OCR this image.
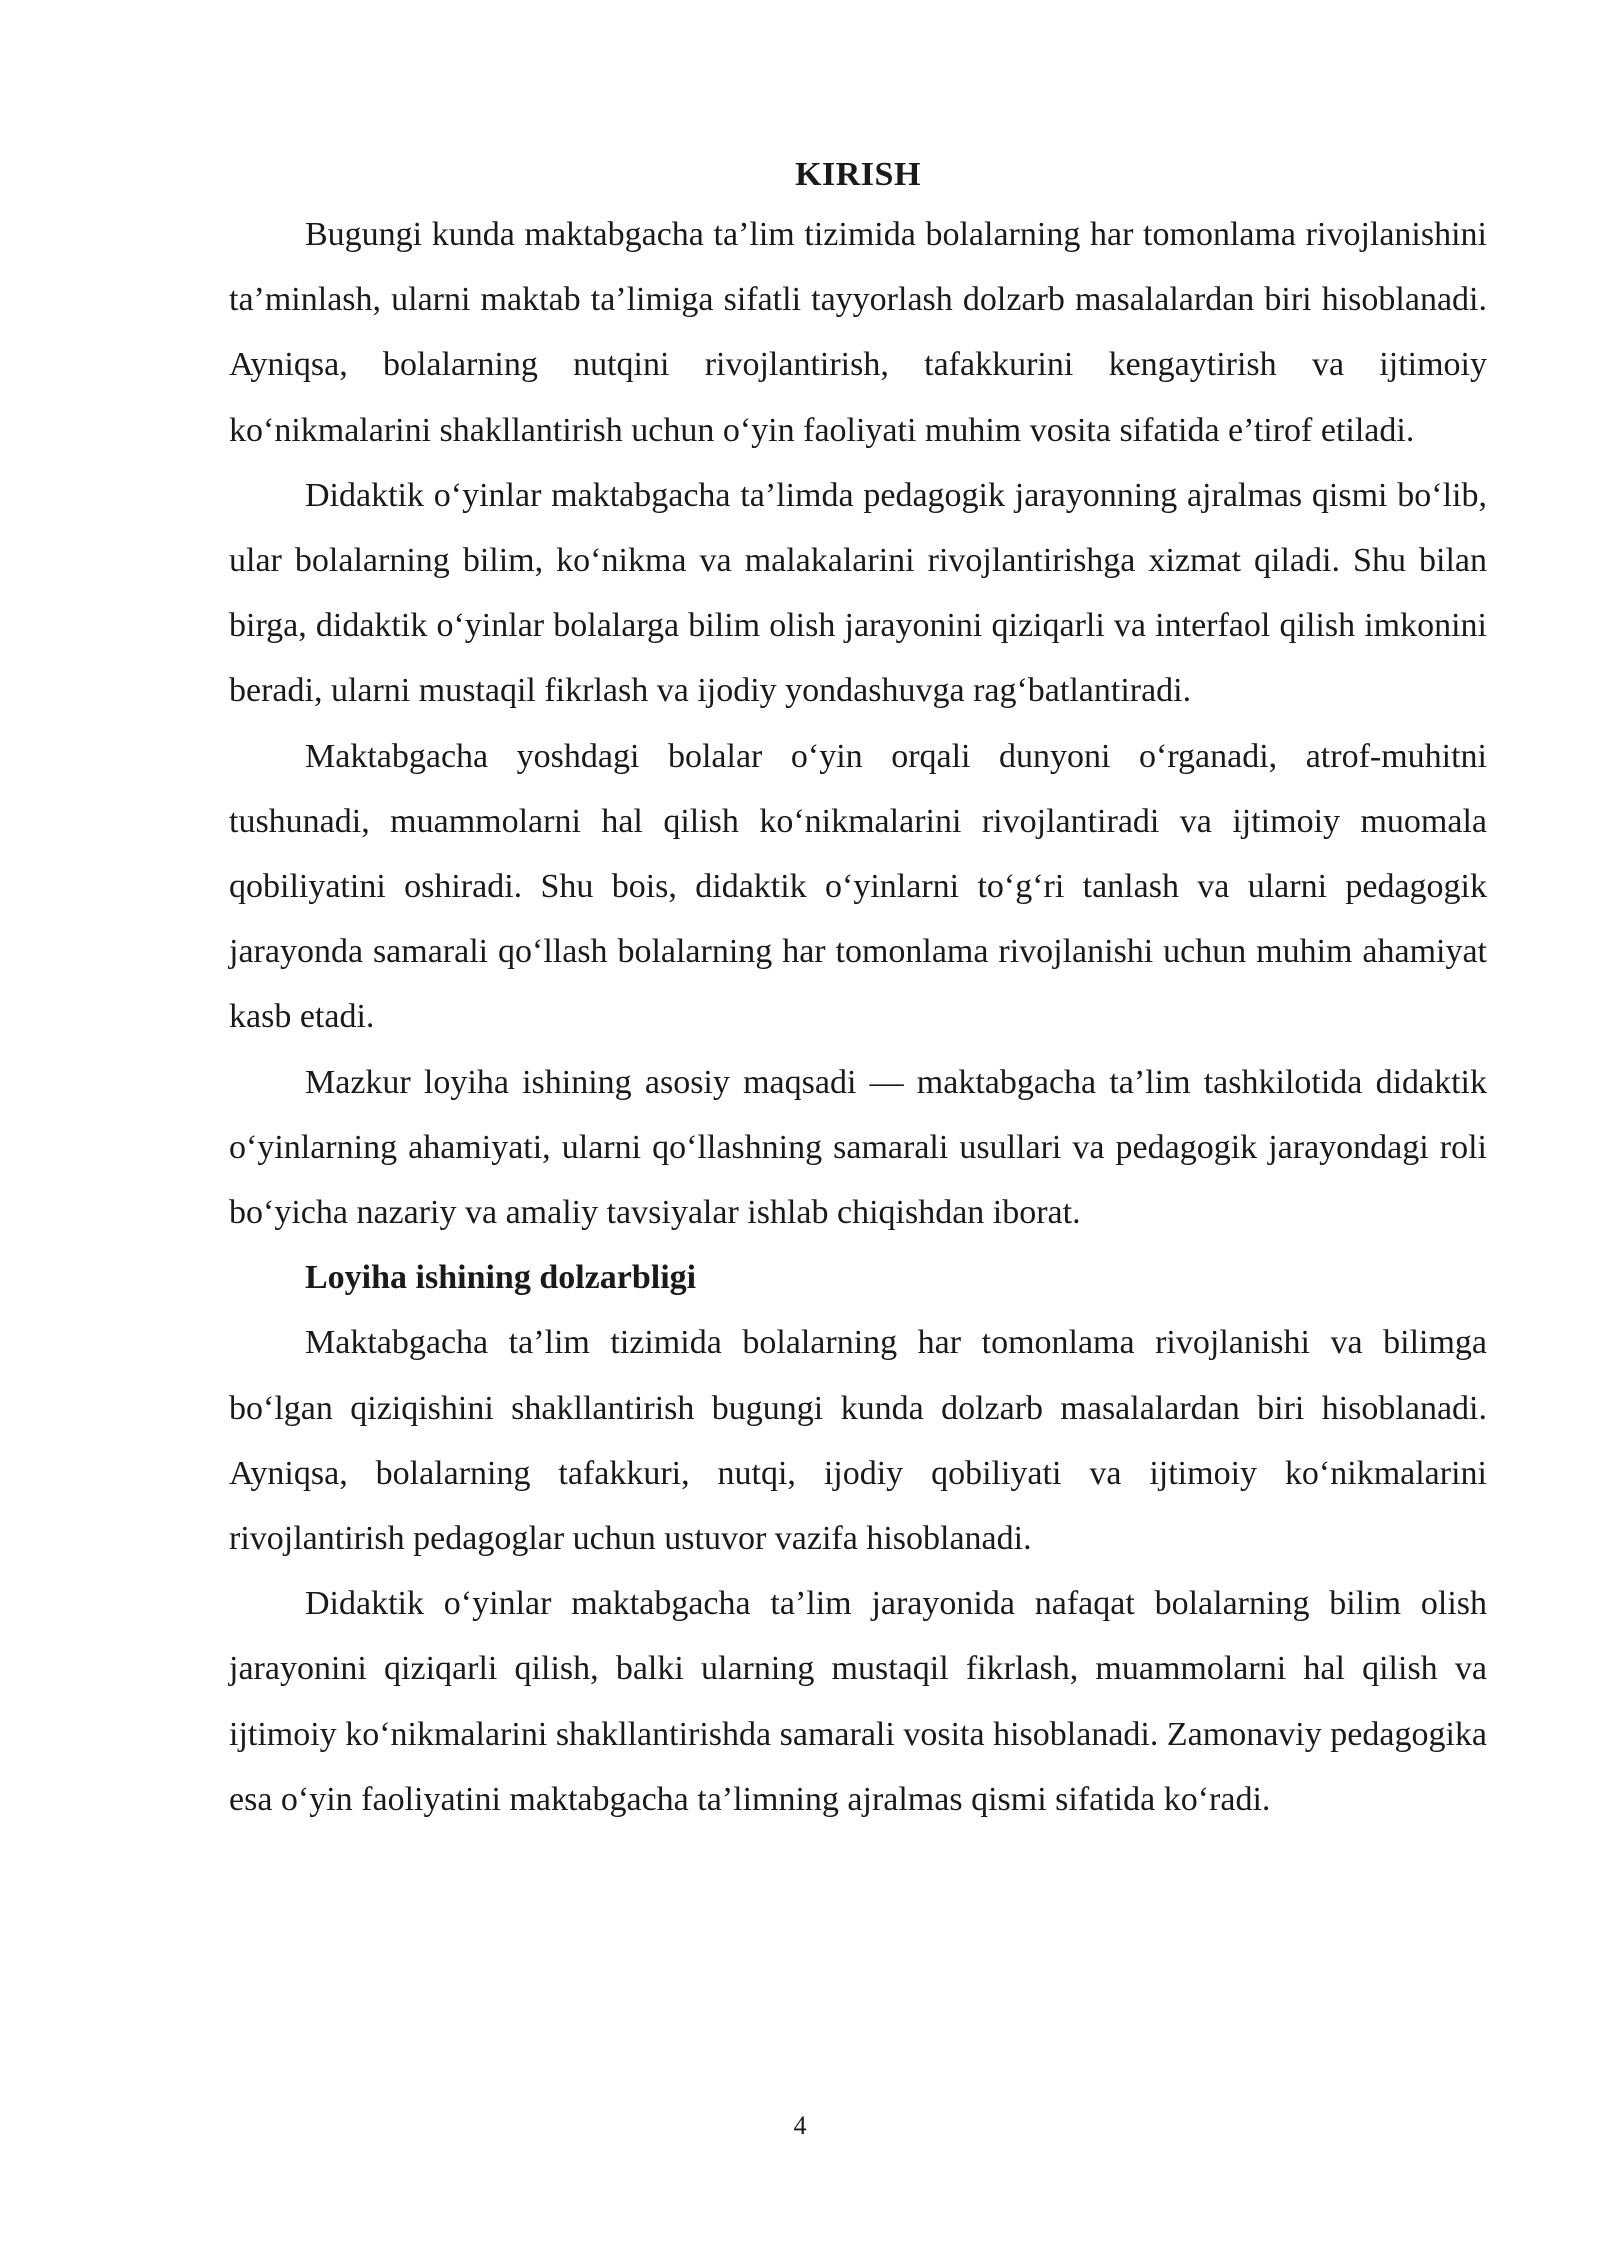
KIRISH

Bugungi kunda maktabgacha ta’lim tizimida bolalarning har tomonlama rivojlanishini ta’minlash, ularni maktab ta’limiga sifatli tayyorlash dolzarb masalalardan biri hisoblanadi. Ayniqsa, bolalarning nutqini rivojlantirish, tafakkurini kengaytirish va ijtimoiy ko‘nikmalarini shakllantirish uchun o‘yin faoliyati muhim vosita sifatida e’tirof etiladi.

Didaktik o‘yinlar maktabgacha ta’limda pedagogik jarayonning ajralmas qismi bo‘lib, ular bolalarning bilim, ko‘nikma va malakalarini rivojlantirishga xizmat qiladi. Shu bilan birga, didaktik o‘yinlar bolalarga bilim olish jarayonini qiziqarli va interfaol qilish imkonini beradi, ularni mustaqil fikrlash va ijodiy yondashuvga rag‘batlantiradi.

Maktabgacha yoshdagi bolalar o‘yin orqali dunyoni o‘rganadi, atrof-muhitni tushunadi, muammolarni hal qilish ko‘nikmalarini rivojlantiradi va ijtimoiy muomala qobiliyatini oshiradi. Shu bois, didaktik o‘yinlarni to‘g‘ri tanlash va ularni pedagogik jarayonda samarali qo‘llash bolalarning har tomonlama rivojlanishi uchun muhim ahamiyat kasb etadi.

Mazkur loyiha ishining asosiy maqsadi — maktabgacha ta’lim tashkilotida didaktik o‘yinlarning ahamiyati, ularni qo‘llashning samarali usullari va pedagogik jarayondagi roli bo‘yicha nazariy va amaliy tavsiyalar ishlab chiqishdan iborat.

Loyiha ishining dolzarbligi

Maktabgacha ta’lim tizimida bolalarning har tomonlama rivojlanishi va bilimga bo‘lgan qiziqishini shakllantirish bugungi kunda dolzarb masalalardan biri hisoblanadi. Ayniqsa, bolalarning tafakkuri, nutqi, ijodiy qobiliyati va ijtimoiy ko‘nikmalarini rivojlantirish pedagoglar uchun ustuvor vazifa hisoblanadi.

Didaktik o‘yinlar maktabgacha ta’lim jarayonida nafaqat bolalarning bilim olish jarayonini qiziqarli qilish, balki ularning mustaqil fikrlash, muammolarni hal qilish va ijtimoiy ko‘nikmalarini shakllantirishda samarali vosita hisoblanadi. Zamonaviy pedagogika esa o‘yin faoliyatini maktabgacha ta’limning ajralmas qismi sifatida ko‘radi.

4
